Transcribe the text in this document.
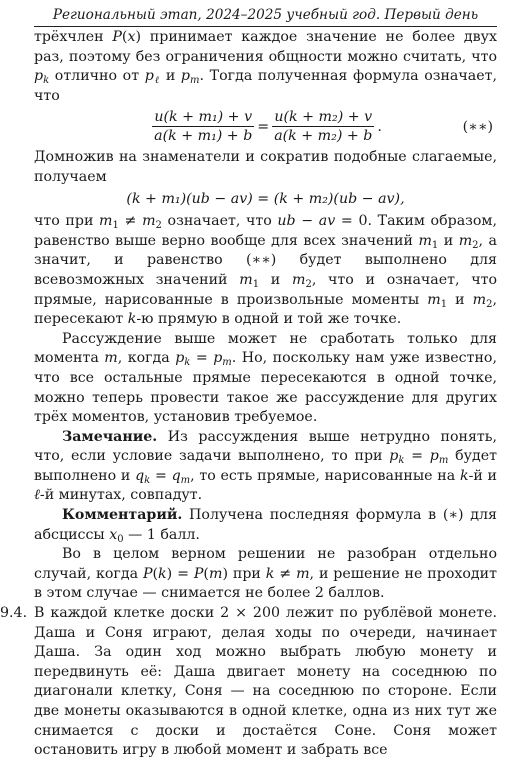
Региональный этап, 2024–2025 учебный год. Первый день

трёхчлен P(x) принимает каждое значение не более двух раз, поэтому без ограничения общности можно считать, что $p_k$ отлично от $p_\ell$ и $p_m$. Тогда полученная формула означает, что

$\frac{\text{u(k + m₁) + v}}{\text{a(k + m₁) + b}} = \frac{\text{u(k + m₂) + v}}{\text{a(k + m₂) + b}}$ .	(∗∗)

Домножив на знаменатели и сократив подобные слагаемые, получаем

(k + m₁)(ub − av) = (k + m₂)(ub − av),

что при $m_1 \ne m_2$ означает, что ub − av = 0. Таким образом, равенство выше верно вообще для всех значений $m_1$ и $m_2$, а значит, и равенство (∗∗) будет выполнено для всевозможных значений $m_1$ и $m_2$, что и означает, что прямые, нарисованные в произвольные моменты $m_1$ и $m_2$, пересекают k-ю прямую в одной и той же точке.

Рассуждение выше может не сработать только для момента m, когда $p_k = p_m$. Но, поскольку нам уже известно, что все остальные прямые пересекаются в одной точке, можно теперь провести такое же рассуждение для других трёх моментов, установив требуемое.

Замечание. Из рассуждения выше нетрудно понять, что, если условие задачи выполнено, то при $p_k = p_m$ будет выполнено и $q_k = q_m$, то есть прямые, нарисованные на k-й и ℓ-й минутах, совпадут.

Комментарий. Получена последняя формула в (∗) для абсциссы $x_0$ — 1 балл.

Во в целом верном решении не разобран отдельно случай, когда P(k) = P(m) при k ≠ m, и решение не проходит в этом случае — снимается не более 2 баллов.

9.4. В каждой клетке доски 2 × 200 лежит по рублёвой монете. Даша и Соня играют, делая ходы по очереди, начинает Даша. За один ход можно выбрать любую монету и передвинуть её: Даша двигает монету на соседнюю по диагонали клетку, Соня — на соседнюю по стороне. Если две монеты оказываются в одной клетке, одна из них тут же снимается с доски и достаётся Соне. Соня может остановить игру в любой момент и забрать все
